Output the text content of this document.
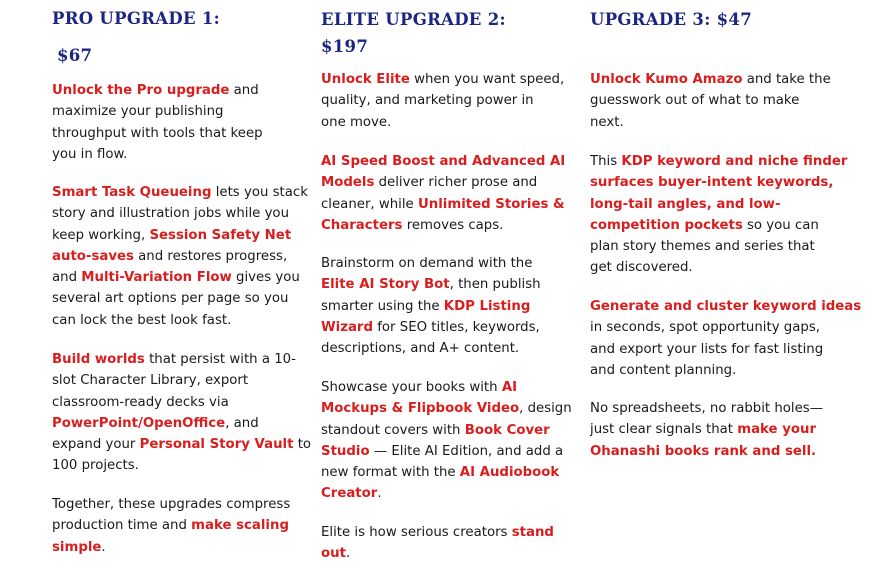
PRO UPGRADE 1:
$67

Unlock the Pro upgrade and
maximize your publishing
throughput with tools that keep
you in flow.

Smart Task Queueing lets you stack
story and illustration jobs while you
keep working, Session Safety Net
auto-saves and restores progress,
and Multi-Variation Flow gives you
several art options per page so you
can lock the best look fast.

Build worlds that persist with a 10-
slot Character Library, export
classroom-ready decks via
PowerPoint/OpenOffice, and
expand your Personal Story Vault to
100 projects.

Together, these upgrades compress
production time and make scaling
simple.

ELITE UPGRADE 2:
$197

Unlock Elite when you want speed,
quality, and marketing power in
one move.

AI Speed Boost and Advanced AI
Models deliver richer prose and
cleaner, while Unlimited Stories &
Characters removes caps.

Brainstorm on demand with the
Elite AI Story Bot, then publish
smarter using the KDP Listing
Wizard for SEO titles, keywords,
descriptions, and A+ content.

Showcase your books with AI
Mockups & Flipbook Video, design
standout covers with Book Cover
Studio — Elite AI Edition, and add a
new format with the AI Audiobook
Creator.

Elite is how serious creators stand
out.

UPGRADE 3: $47

Unlock Kumo Amazo and take the
guesswork out of what to make
next.

This KDP keyword and niche finder
surfaces buyer-intent keywords,
long-tail angles, and low-
competition pockets so you can
plan story themes and series that
get discovered.

Generate and cluster keyword ideas
in seconds, spot opportunity gaps,
and export your lists for fast listing
and content planning.

No spreadsheets, no rabbit holes—
just clear signals that make your
Ohanashi books rank and sell.
